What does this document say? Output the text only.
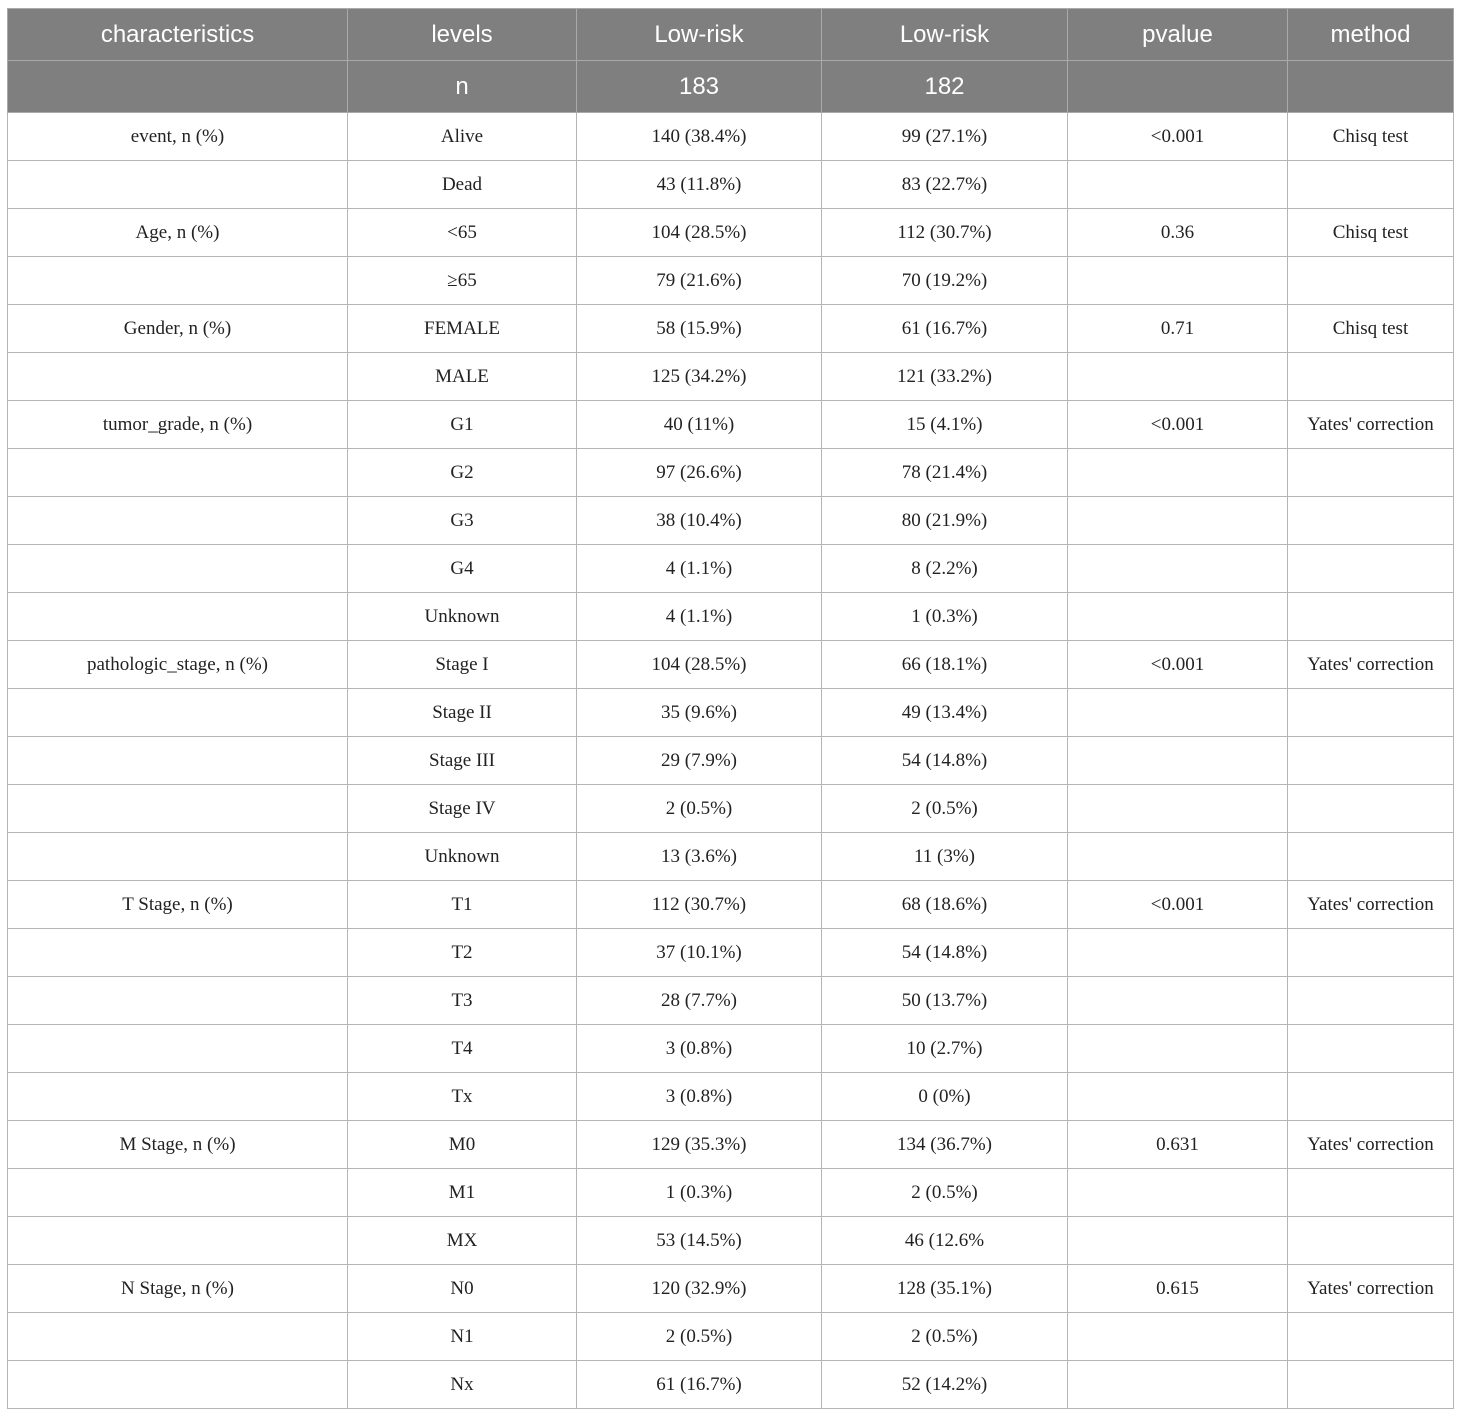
characteristics	levels	Low-risk	Low-risk	pvalue	method
	n	183	182		
event, n (%)	Alive	140 (38.4%)	99 (27.1%)	<0.001	Chisq test
	Dead	43 (11.8%)	83 (22.7%)		
Age, n (%)	<65	104 (28.5%)	112 (30.7%)	0.36	Chisq test
	≥65	79 (21.6%)	70 (19.2%)		
Gender, n (%)	FEMALE	58 (15.9%)	61 (16.7%)	0.71	Chisq test
	MALE	125 (34.2%)	121 (33.2%)		
tumor_grade, n (%)	G1	40 (11%)	15 (4.1%)	<0.001	Yates' correction
	G2	97 (26.6%)	78 (21.4%)		
	G3	38 (10.4%)	80 (21.9%)		
	G4	4 (1.1%)	8 (2.2%)		
	Unknown	4 (1.1%)	1 (0.3%)		
pathologic_stage, n (%)	Stage I	104 (28.5%)	66 (18.1%)	<0.001	Yates' correction
	Stage II	35 (9.6%)	49 (13.4%)		
	Stage III	29 (7.9%)	54 (14.8%)		
	Stage IV	2 (0.5%)	2 (0.5%)		
	Unknown	13 (3.6%)	11 (3%)		
T Stage, n (%)	T1	112 (30.7%)	68 (18.6%)	<0.001	Yates' correction
	T2	37 (10.1%)	54 (14.8%)		
	T3	28 (7.7%)	50 (13.7%)		
	T4	3 (0.8%)	10 (2.7%)		
	Tx	3 (0.8%)	0 (0%)		
M Stage, n (%)	M0	129 (35.3%)	134 (36.7%)	0.631	Yates' correction
	M1	1 (0.3%)	2 (0.5%)		
	MX	53 (14.5%)	46 (12.6%		
N Stage, n (%)	N0	120 (32.9%)	128 (35.1%)	0.615	Yates' correction
	N1	2 (0.5%)	2 (0.5%)		
	Nx	61 (16.7%)	52 (14.2%)		
